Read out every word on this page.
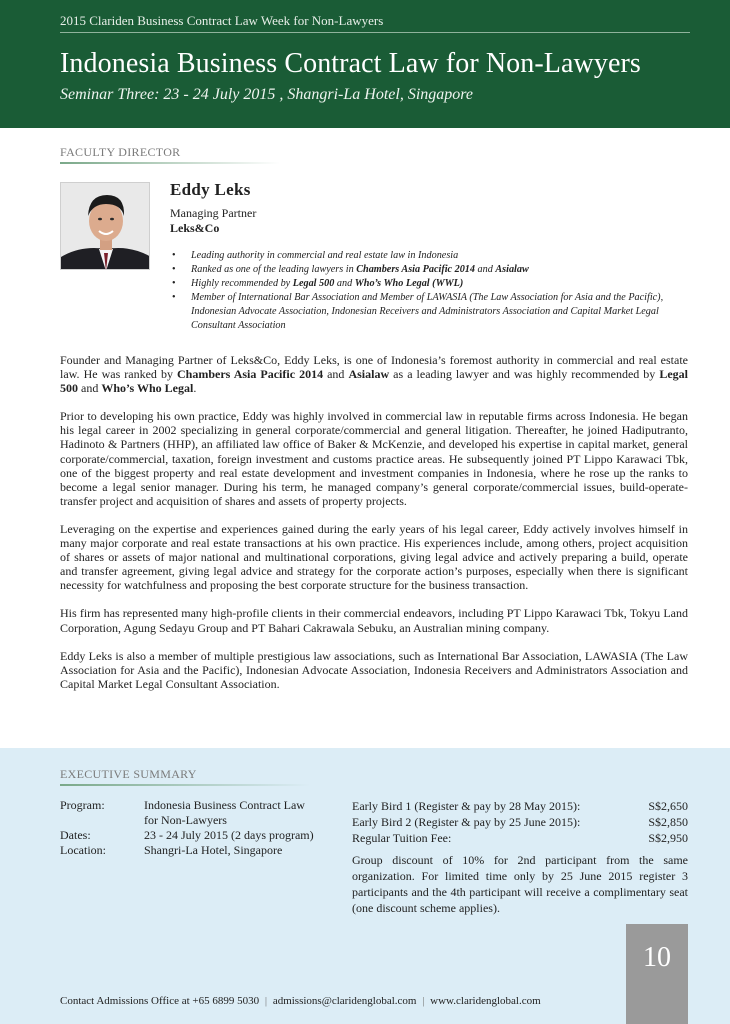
2015 Clariden Business Contract Law Week for Non-Lawyers
Indonesia Business Contract Law for Non-Lawyers
Seminar Three: 23 - 24 July 2015 , Shangri-La Hotel, Singapore
FACULTY DIRECTOR
Eddy Leks
Managing Partner
Leks&Co
• Leading authority in commercial and real estate law in Indonesia
• Ranked as one of the leading lawyers in Chambers Asia Pacific 2014 and Asialaw
• Highly recommended by Legal 500 and Who’s Who Legal (WWL)
• Member of International Bar Association and Member of LAWASIA (The Law Association for Asia and the Pacific), Indonesian Advocate Association, Indonesian Receivers and Administrators Association and Capital Market Legal Consultant Association

Founder and Managing Partner of Leks&Co, Eddy Leks, is one of Indonesia’s foremost authority in commercial and real estate law. He was ranked by Chambers Asia Pacific 2014 and Asialaw as a leading lawyer and was highly recommended by Legal 500 and Who’s Who Legal.

Prior to developing his own practice, Eddy was highly involved in commercial law in reputable firms across Indonesia. He began his legal career in 2002 specializing in general corporate/commercial and general litigation. Thereafter, he joined Hadiputranto, Hadinoto & Partners (HHP), an affiliated law office of Baker & McKenzie, and developed his expertise in capital market, general corporate/commercial, taxation, foreign investment and customs practice areas. He subsequently joined PT Lippo Karawaci Tbk, one of the biggest property and real estate development and investment companies in Indonesia, where he rose up the ranks to become a legal senior manager. During his term, he managed company’s general corporate/commercial issues, build-operate-transfer project and acquisition of shares and assets of property projects.

Leveraging on the expertise and experiences gained during the early years of his legal career, Eddy actively involves himself in many major corporate and real estate transactions at his own practice. His experiences include, among others, project acquisition of shares or assets of major national and multinational corporations, giving legal advice and actively preparing a build, operate and transfer agreement, giving legal advice and strategy for the corporate action’s purposes, especially when there is significant necessity for watchfulness and proposing the best corporate structure for the business transaction.

His firm has represented many high-profile clients in their commercial endeavors, including PT Lippo Karawaci Tbk, Tokyu Land Corporation, Agung Sedayu Group and PT Bahari Cakrawala Sebuku, an Australian mining company.

Eddy Leks is also a member of multiple prestigious law associations, such as International Bar Association, LAWASIA (The Law Association for Asia and the Pacific), Indonesian Advocate Association, Indonesia Receivers and Administrators Association and Capital Market Legal Consultant Association.

EXECUTIVE SUMMARY
Program:	Indonesia Business Contract Law
for Non-Lawyers
Dates:	23 - 24 July 2015 (2 days program)
Location:	Shangri-La Hotel, Singapore
Early Bird 1 (Register & pay by 28 May 2015):	S$2,650
Early Bird 2 (Register & pay by 25 June 2015):	S$2,850
Regular Tuition Fee:	S$2,950
Group discount of 10% for 2nd participant from the same organization. For limited time only by 25 June 2015 register 3 participants and the 4th participant will receive a complimentary seat (one discount scheme applies).
10
Contact Admissions Office at +65 6899 5030 | admissions@claridenglobal.com | www.claridenglobal.com
